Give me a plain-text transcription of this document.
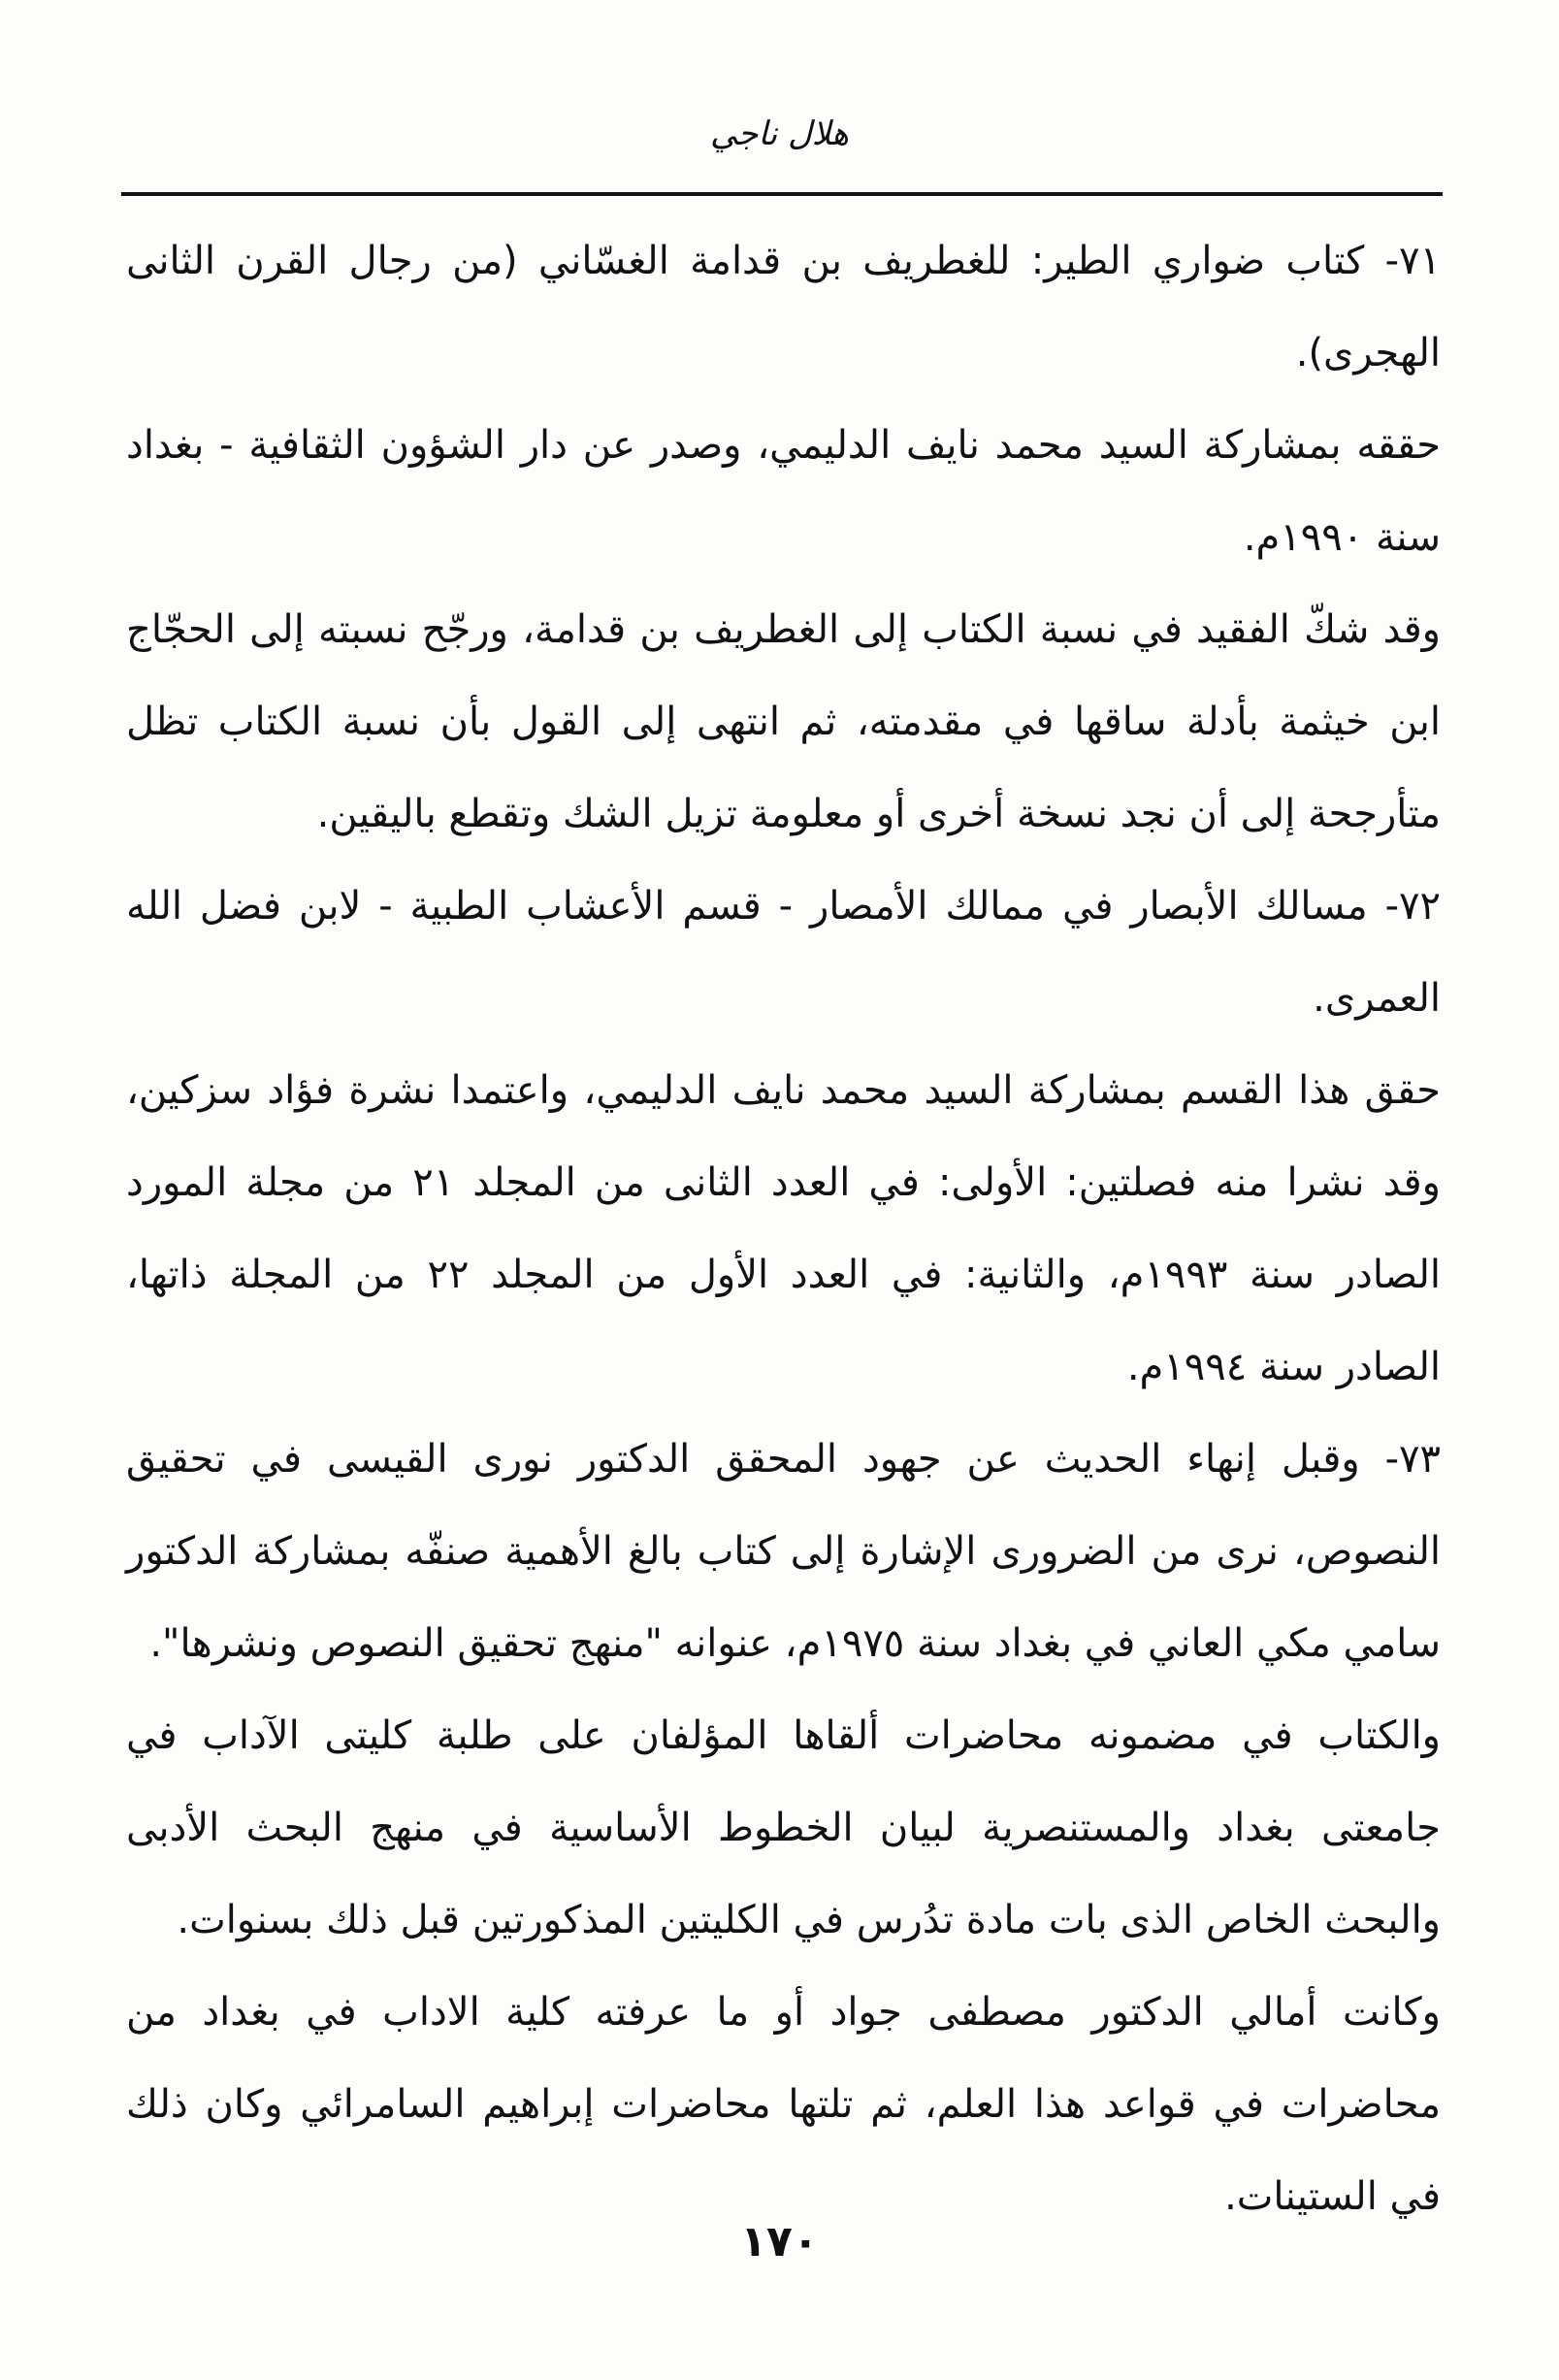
هلال ناجي

٧١- كتاب ضواري الطير: للغطريف بن قدامة الغسّاني (من رجال القرن الثانى الهجرى).

حققه بمشاركة السيد محمد نايف الدليمي، وصدر عن دار الشؤون الثقافية - بغداد سنة ١٩٩٠م.

وقد شكّ الفقيد في نسبة الكتاب إلى الغطريف بن قدامة، ورجّح نسبته إلى الحجّاج ابن خيثمة بأدلة ساقها في مقدمته، ثم انتهى إلى القول بأن نسبة الكتاب تظل متأرجحة إلى أن نجد نسخة أخرى أو معلومة تزيل الشك وتقطع باليقين.

٧٢- مسالك الأبصار في ممالك الأمصار - قسم الأعشاب الطبية - لابن فضل الله العمرى.

حقق هذا القسم بمشاركة السيد محمد نايف الدليمي، واعتمدا نشرة فؤاد سزكين، وقد نشرا منه فصلتين: الأولى: في العدد الثانى من المجلد ٢١ من مجلة المورد الصادر سنة ١٩٩٣م، والثانية: في العدد الأول من المجلد ٢٢ من المجلة ذاتها، الصادر سنة ١٩٩٤م.

٧٣- وقبل إنهاء الحديث عن جهود المحقق الدكتور نورى القيسى في تحقيق النصوص، نرى من الضرورى الإشارة إلى كتاب بالغ الأهمية صنفّه بمشاركة الدكتور سامي مكي العاني في بغداد سنة ١٩٧٥م، عنوانه "منهج تحقيق النصوص ونشرها".

والكتاب في مضمونه محاضرات ألقاها المؤلفان على طلبة كليتى الآداب في جامعتى بغداد والمستنصرية لبيان الخطوط الأساسية في منهج البحث الأدبى والبحث الخاص الذى بات مادة تدُرس في الكليتين المذكورتين قبل ذلك بسنوات.

وكانت أمالي الدكتور مصطفى جواد أو ما عرفته كلية الاداب في بغداد من محاضرات في قواعد هذا العلم، ثم تلتها محاضرات إبراهيم السامرائي وكان ذلك في الستينات.

١٧٠
